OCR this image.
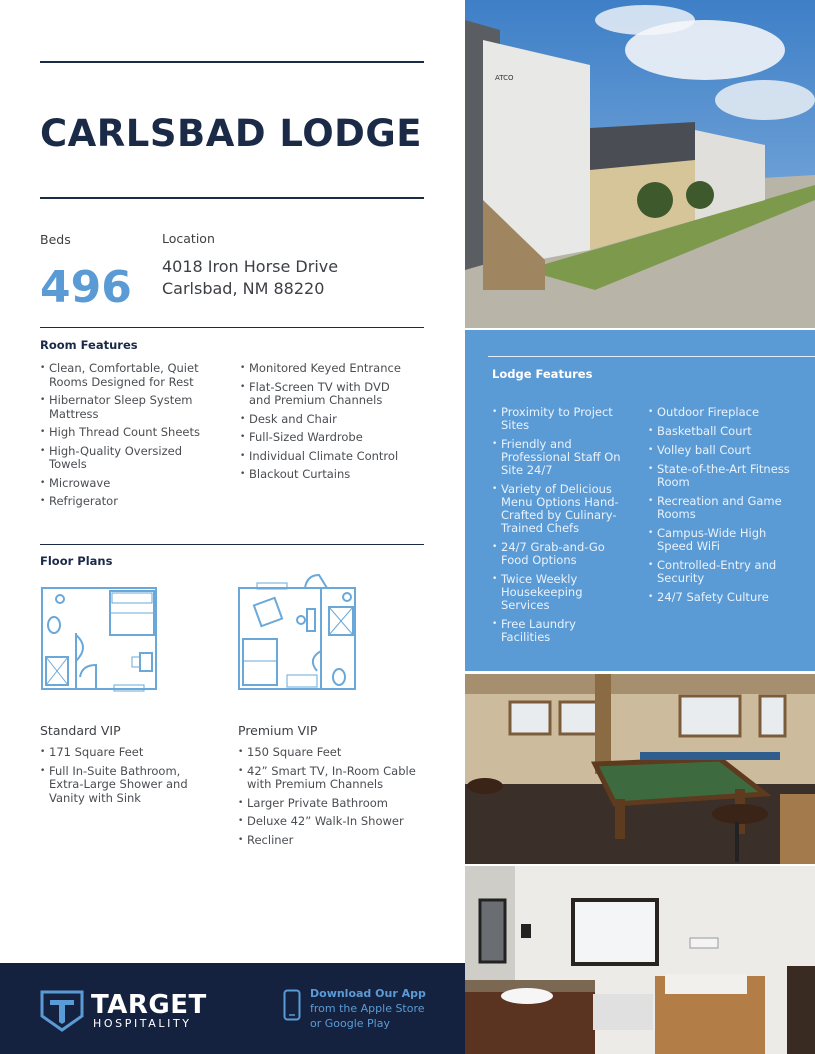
CARLSBAD LODGE
Beds
496
Location
4018 Iron Horse Drive Carlsbad, NM 88220
Room Features
• Clean, Comfortable, Quiet Rooms Designed for Rest
• Hibernator Sleep System Mattress
• High Thread Count Sheets
• High-Quality Oversized Towels
• Microwave
• Refrigerator
• Monitored Keyed Entrance
• Flat-Screen TV with DVD and Premium Channels
• Desk and Chair
• Full-Sized Wardrobe
• Individual Climate Control
• Blackout Curtains
Floor Plans
Standard VIP
• 171 Square Feet
• Full In-Suite Bathroom, Extra-Large Shower and Vanity with Sink
Premium VIP
• 150 Square Feet
• 42” Smart TV, In-Room Cable with Premium Channels
• Larger Private Bathroom
• Deluxe 42” Walk-In Shower
• Recliner
TARGET
HOSPITALITY
Download Our App
from the Apple Store
or Google Play
ATCO
Lodge Features
• Proximity to Project Sites
• Friendly and Professional Staff On Site 24/7
• Variety of Delicious Menu Options Hand-Crafted by Culinary-Trained Chefs
• 24/7 Grab-and-Go Food Options
• Twice Weekly Housekeeping Services
• Free Laundry Facilities
• Outdoor Fireplace
• Basketball Court
• Volley ball Court
• State-of-the-Art Fitness Room
• Recreation and Game Rooms
• Campus-Wide High Speed WiFi
• Controlled-Entry and Security
• 24/7 Safety Culture
